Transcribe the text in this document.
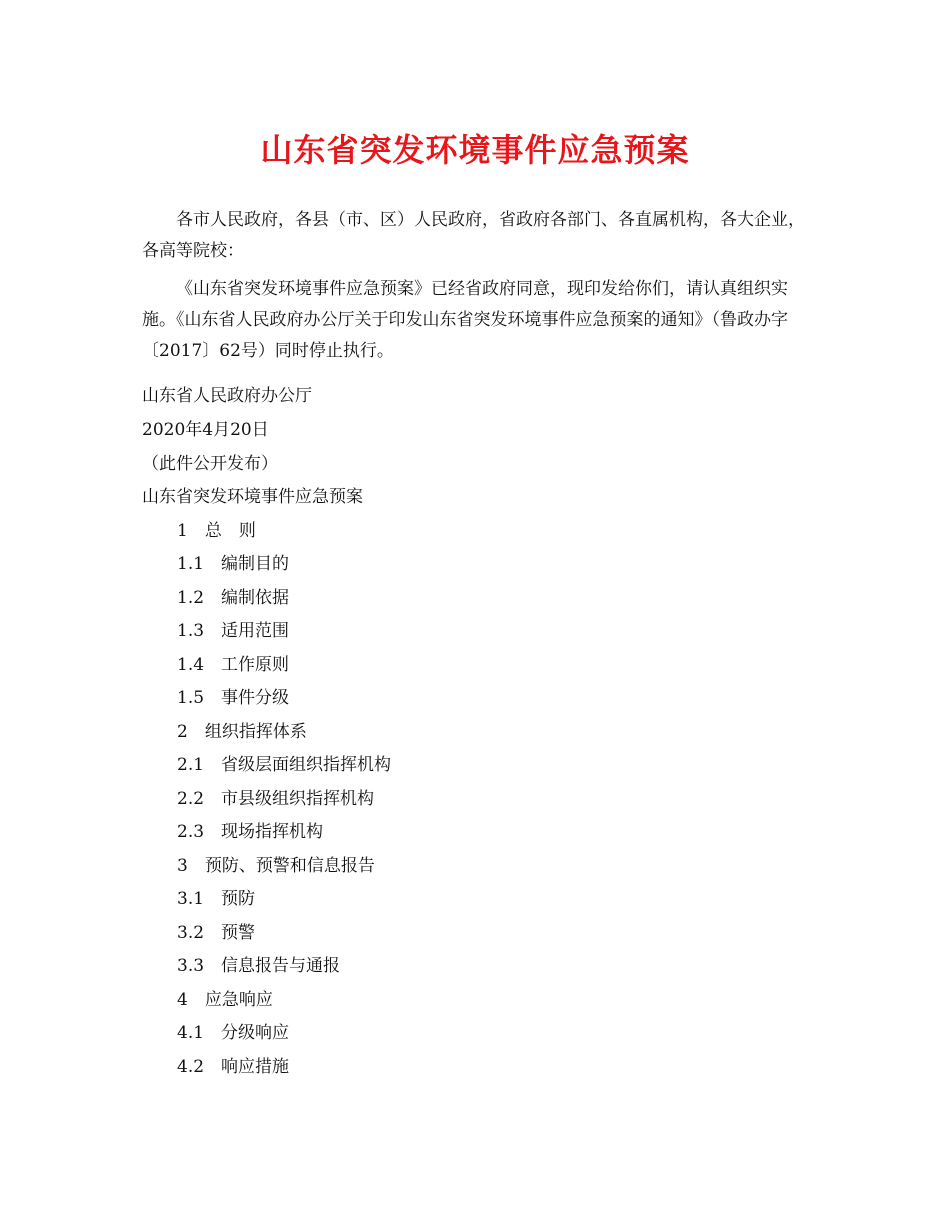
山东省突发环境事件应急预案

各市人民政府，各县（市、区）人民政府，省政府各部门、各直属机构，各大企业，各高等院校：

《山东省突发环境事件应急预案》已经省政府同意，现印发给你们，请认真组织实施。《山东省人民政府办公厅关于印发山东省突发环境事件应急预案的通知》（鲁政办字〔2017〕62号）同时停止执行。

山东省人民政府办公厅
2020年4月20日
（此件公开发布）
山东省突发环境事件应急预案
1　总　则
1.1　编制目的
1.2　编制依据
1.3　适用范围
1.4　工作原则
1.5　事件分级
2　组织指挥体系
2.1　省级层面组织指挥机构
2.2　市县级组织指挥机构
2.3　现场指挥机构
3　预防、预警和信息报告
3.1　预防
3.2　预警
3.3　信息报告与通报
4　应急响应
4.1　分级响应
4.2　响应措施
